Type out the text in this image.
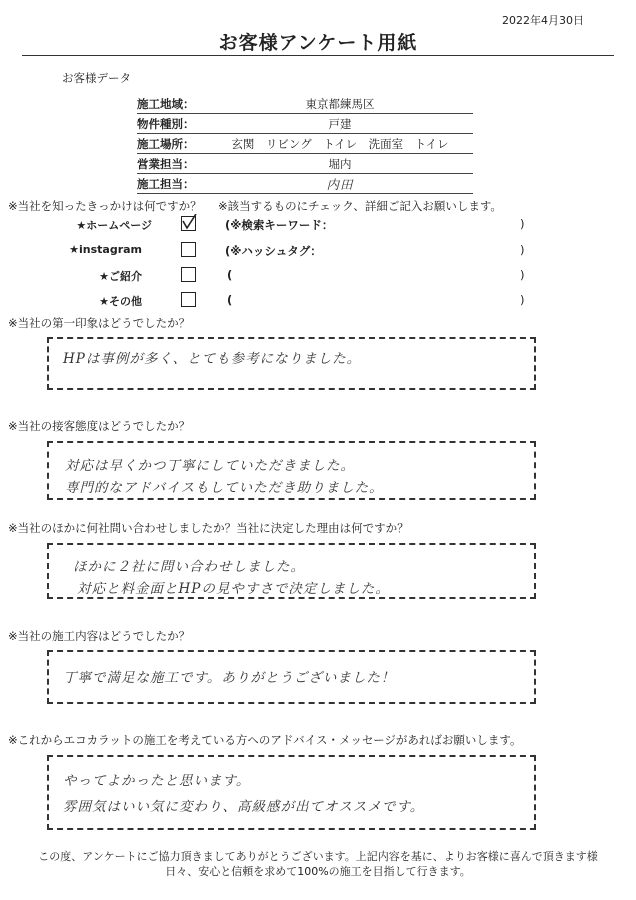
2022年4月30日
お客様アンケート用紙
お客様データ
施工地域：	東京都練馬区
物件種別：	戸建
施工場所：	玄関　リビング　トイレ　洗面室　トイレ
営業担当：	堀内
施工担当：	内田
※当社を知ったきっかけは何ですか？ ※該当するものにチェック、詳細ご記入お願いします。
★ホームページ	(※検索キーワード：	)
★instagram	(※ハッシュタグ：	)
★ご紹介	(	)
★その他	(	)
※当社の第一印象はどうでしたか？
HPは事例が多く、とても参考になりました。
※当社の接客態度はどうでしたか？
対応は早くかつ丁寧にしていただきました。
専門的なアドバイスもしていただき助りました。
※当社のほかに何社問い合わせしましたか？当社に決定した理由は何ですか？
ほかに２社に問い合わせしました。
対応と料金面とHPの見やすさで決定しました。
※当社の施工内容はどうでしたか？
丁寧で満足な施工です。ありがとうございました！
※これからエコカラットの施工を考えている方へのアドバイス・メッセージがあればお願いします。
やってよかったと思います。
雰囲気はいい気に変わり、高級感が出てオススメです。
この度、アンケートにご協力頂きましてありがとうございます。上記内容を基に、よりお客様に喜んで頂きます様
日々、安心と信頼を求めて100%の施工を目指して行きます。
